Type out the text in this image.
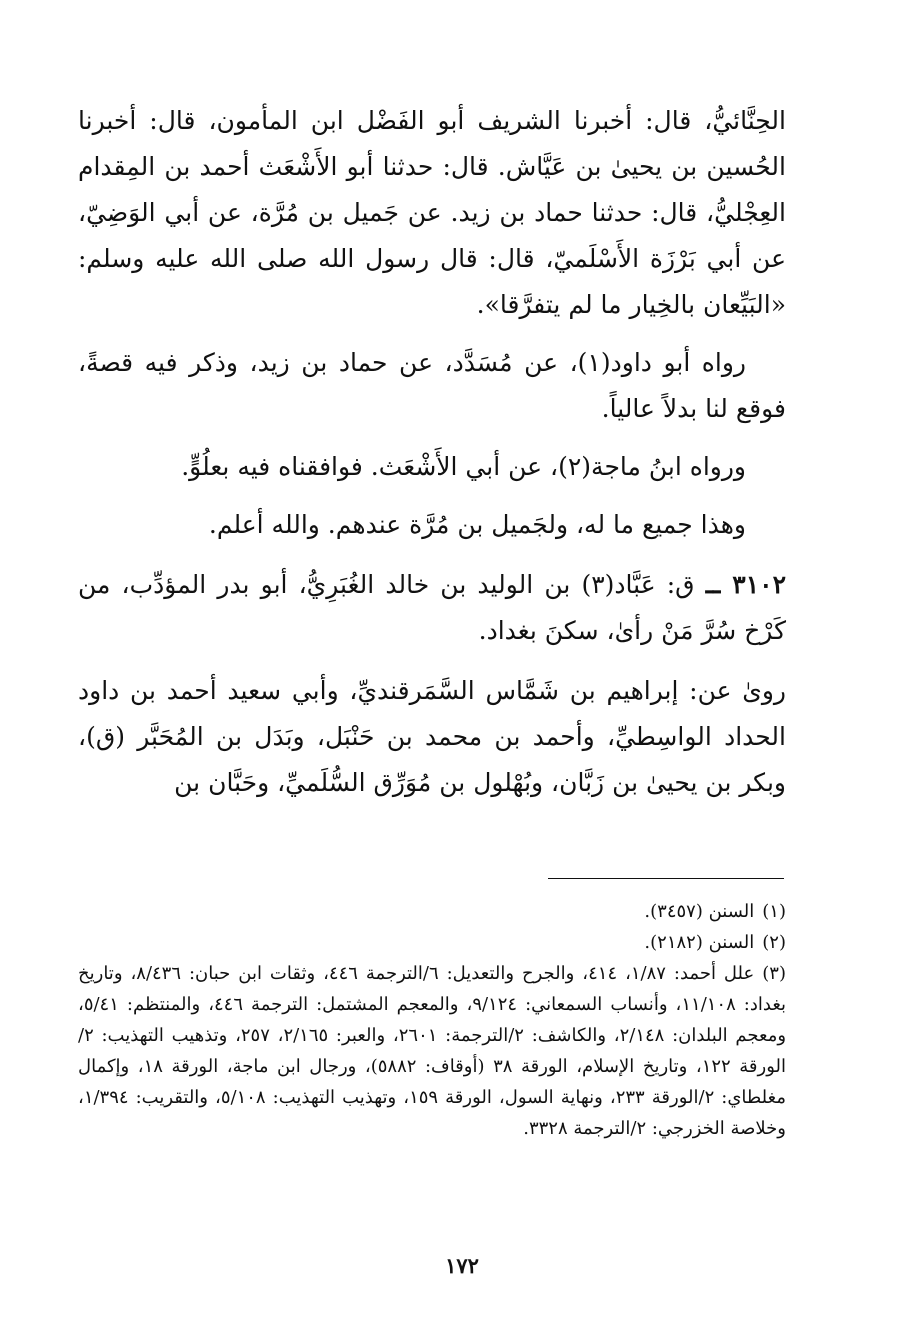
الحِنَّائيُّ، قال: أخبرنا الشريف أبو الفَضْل ابن المأمون، قال: أخبرنا الحُسين بن يحيىٰ بن عَيَّاش. قال: حدثنا أبو الأَشْعَث أحمد بن المِقدام العِجْليُّ، قال: حدثنا حماد بن زيد. عن جَميل بن مُرَّة، عن أبي الوَضِيّ، عن أبي بَرْزَة الأَسْلَميّ، قال: قال رسول الله صلى الله عليه وسلم: «البَيِّعان بالخِيار ما لم يتفرَّقا».

رواه أبو داود(١)، عن مُسَدَّد، عن حماد بن زيد، وذكر فيه قصةً، فوقع لنا بدلاً عالياً.

ورواه ابنُ ماجة(٢)، عن أبي الأَشْعَث. فوافقناه فيه بعلُوٍّ.

وهذا جميع ما له، ولجَميل بن مُرَّة عندهم. والله أعلم.

٣١٠٢ ــ ق: عَبَّاد(٣) بن الوليد بن خالد الغُبَرِيُّ، أبو بدر المؤدِّب، من كَرْخ سُرَّ مَنْ رأىٰ، سكنَ بغداد.

روىٰ عن: إبراهيم بن شَمَّاس السَّمَرقنديِّ، وأبي سعيد أحمد بن داود الحداد الواسِطيِّ، وأحمد بن محمد بن حَنْبَل، وبَدَل بن المُحَبَّر (ق)، وبكر بن يحيىٰ بن زَبَّان، وبُهْلول بن مُوَرِّق السُّلَميِّ، وحَبَّان بن

(١)السنن (٣٤٥٧).

(٢)السنن (٢١٨٢).

(٣)علل أحمد: ١/٨٧، ٤١٤، والجرح والتعديل: ٦/الترجمة ٤٤٦، وثقات ابن حبان: ٨/٤٣٦، وتاريخ بغداد: ١١/١٠٨، وأنساب السمعاني: ٩/١٢٤، والمعجم المشتمل: الترجمة ٤٤٦، والمنتظم: ٥/٤١، ومعجم البلدان: ٢/١٤٨، والكاشف: ٢/الترجمة: ٢٦٠١، والعبر: ٢/١٦٥، ٢٥٧، وتذهيب التهذيب: ٢/الورقة ١٢٢، وتاريخ الإسلام، الورقة ٣٨ (أوقاف: ٥٨٨٢)، ورجال ابن ماجة، الورقة ١٨، وإكمال مغلطاي: ٢/الورقة ٢٣٣، ونهاية السول، الورقة ١٥٩، وتهذيب التهذيب: ٥/١٠٨، والتقريب: ١/٣٩٤، وخلاصة الخزرجي: ٢/الترجمة ٣٣٢٨.

١٧٢
